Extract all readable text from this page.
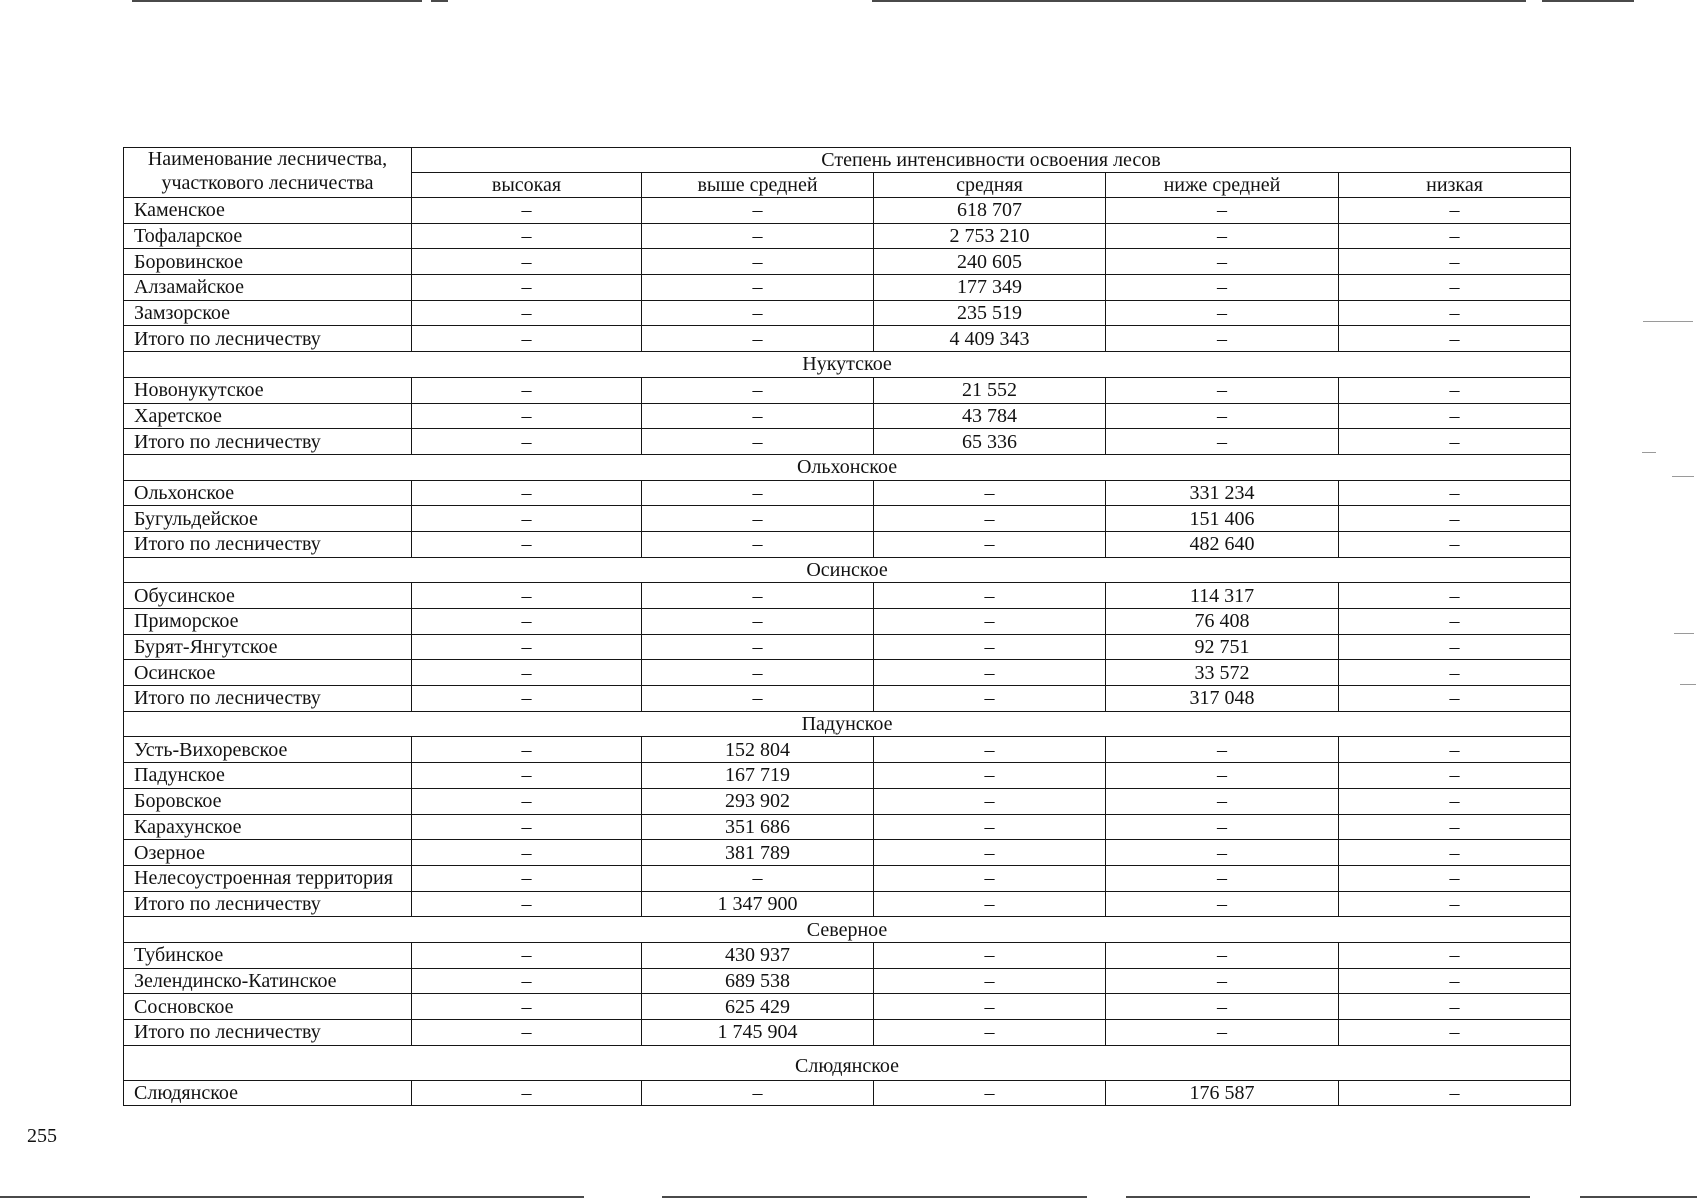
Наименование лесничества,
участкового лесничества	Степень интенсивности освоения лесов				
	высокая	выше средней	средняя	ниже средней	низкая
Каменское	–	–	618 707	–	–
Тофаларское	–	–	2 753 210	–	–
Боровинское	–	–	240 605	–	–
Алзамайское	–	–	177 349	–	–
Замзорское	–	–	235 519	–	–
Итого по лесничеству	–	–	4 409 343	–	–
Нукутское					
Новонукутское	–	–	21 552	–	–
Харетское	–	–	43 784	–	–
Итого по лесничеству	–	–	65 336	–	–
Ольхонское					
Ольхонское	–	–	–	331 234	–
Бугульдейское	–	–	–	151 406	–
Итого по лесничеству	–	–	–	482 640	–
Осинское					
Обусинское	–	–	–	114 317	–
Приморское	–	–	–	76 408	–
Бурят-Янгутское	–	–	–	92 751	–
Осинское	–	–	–	33 572	–
Итого по лесничеству	–	–	–	317 048	–
Падунское					
Усть-Вихоревское	–	152 804	–	–	–
Падунское	–	167 719	–	–	–
Боровское	–	293 902	–	–	–
Карахунское	–	351 686	–	–	–
Озерное	–	381 789	–	–	–
Нелесоустроенная территория	–	–	–	–	–
Итого по лесничеству	–	1 347 900	–	–	–
Северное					
Тубинское	–	430 937	–	–	–
Зелендинско-Катинское	–	689 538	–	–	–
Сосновское	–	625 429	–	–	–
Итого по лесничеству	–	1 745 904	–	–	–
Слюдянское					
Слюдянское	–	–	–	176 587	–
255
